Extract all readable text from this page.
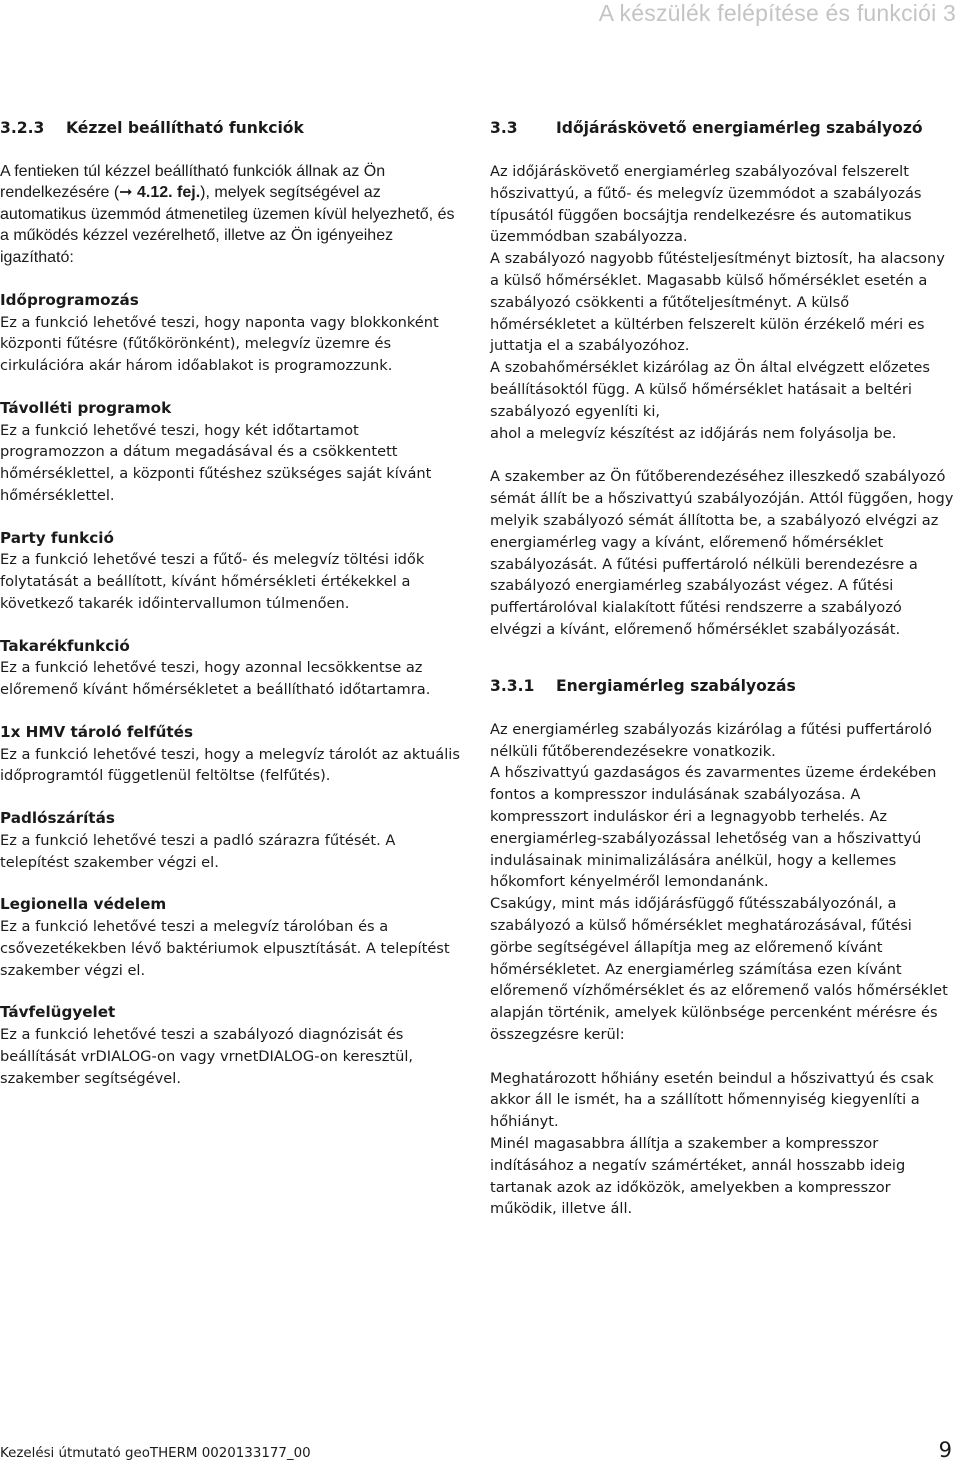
A készülék felépítése és funkciói 3
3.2.3 Kézzel beállítható funkciók

A fentieken túl kézzel beállítható funkciók állnak az Ön rendelkezésére (➞ 4.12. fej.), melyek segítségével az automatikus üzemmód átmenetileg üzemen kívül helyezhető, és a működés kézzel vezérelhető, illetve az Ön igényeihez igazítható:

Időprogramozás

Ez a funkció lehetővé teszi, hogy naponta vagy blokkonként központi fűtésre (fűtőkörönként), melegvíz üzemre és cirkulációra akár három időablakot is programozzunk.

Távolléti programok

Ez a funkció lehetővé teszi, hogy két időtartamot programozzon a dátum megadásával és a csökkentett hőmérséklettel, a központi fűtéshez szükséges saját kívánt hőmérséklettel.

Party funkció

Ez a funkció lehetővé teszi a fűtő- és melegvíz töltési idők folytatását a beállított, kívánt hőmérsékleti értékekkel a következő takarék időintervallumon túlmenően.

Takarékfunkció

Ez a funkció lehetővé teszi, hogy azonnal lecsökkentse az előremenő kívánt hőmérsékletet a beállítható időtartamra.

1x HMV tároló felfűtés

Ez a funkció lehetővé teszi, hogy a melegvíz tárolót az aktuális időprogramtól függetlenül feltöltse (felfűtés).

Padlószárítás

Ez a funkció lehetővé teszi a padló szárazra fűtését. A telepítést szakember végzi el.

Legionella védelem

Ez a funkció lehetővé teszi a melegvíz tárolóban és a csővezetékekben lévő baktériumok elpusztítását. A telepítést szakember végzi el.

Távfelügyelet

Ez a funkció lehetővé teszi a szabályozó diagnózisát és beállítását vrDIALOG-on vagy vrnetDIALOG-on keresztül, szakember segítségével.

3.3 Időjáráskövető energiamérleg szabályozó

Az időjáráskövető energiamérleg szabályozóval felszerelt hőszivattyú, a fűtő- és melegvíz üzemmódot a szabályozás típusától függően bocsájtja rendelkezésre és automatikus üzemmódban szabályozza.

A szabályozó nagyobb fűtésteljesítményt biztosít, ha alacsony a külső hőmérséklet. Magasabb külső hőmérséklet esetén a szabályozó csökkenti a fűtőteljesítményt. A külső hőmérsékletet a kültérben felszerelt külön érzékelő méri es juttatja el a szabályozóhoz.

A szobahőmérséklet kizárólag az Ön által elvégzett előzetes beállításoktól függ. A külső hőmérséklet hatásait a beltéri szabályozó egyenlíti ki,

ahol a melegvíz készítést az időjárás nem folyásolja be.

A szakember az Ön fűtőberendezéséhez illeszkedő szabályozó sémát állít be a hőszivattyú szabályozóján. Attól függően, hogy melyik szabályozó sémát állította be, a szabályozó elvégzi az energiamérleg vagy a kívánt, előremenő hőmérséklet szabályozását. A fűtési puffertároló nélküli berendezésre a szabályozó energiamérleg szabályozást végez. A fűtési puffertárolóval kialakított fűtési rendszerre a szabályozó elvégzi a kívánt, előremenő hőmérséklet szabályozását.

3.3.1 Energiamérleg szabályozás

Az energiamérleg szabályozás kizárólag a fűtési puffertároló nélküli fűtőberendezésekre vonatkozik.

A hőszivattyú gazdaságos és zavarmentes üzeme érdekében fontos a kompresszor indulásának szabályozása. A kompresszort induláskor éri a legnagyobb terhelés. Az energiamérleg-szabályozással lehetőség van a hőszivattyú indulásainak minimalizálására anélkül, hogy a kellemes hőkomfort kényelméről lemondanánk.

Csakúgy, mint más időjárásfüggő fűtésszabályozónál, a szabályozó a külső hőmérséklet meghatározásával, fűtési görbe segítségével állapítja meg az előremenő kívánt hőmérsékletet. Az energiamérleg számítása ezen kívánt előremenő vízhőmérséklet és az előremenő valós hőmérséklet alapján történik, amelyek különbsége percenként mérésre és összegzésre kerül:

Meghatározott hőhiány esetén beindul a hőszivattyú és csak akkor áll le ismét, ha a szállított hőmennyiség kiegyenlíti a hőhiányt.

Minél magasabbra állítja a szakember a kompresszor indításához a negatív számértéket, annál hosszabb ideig tartanak azok az időközök, amelyekben a kompresszor működik, illetve áll.

Kezelési útmutató geoTHERM 0020133177_00	9
